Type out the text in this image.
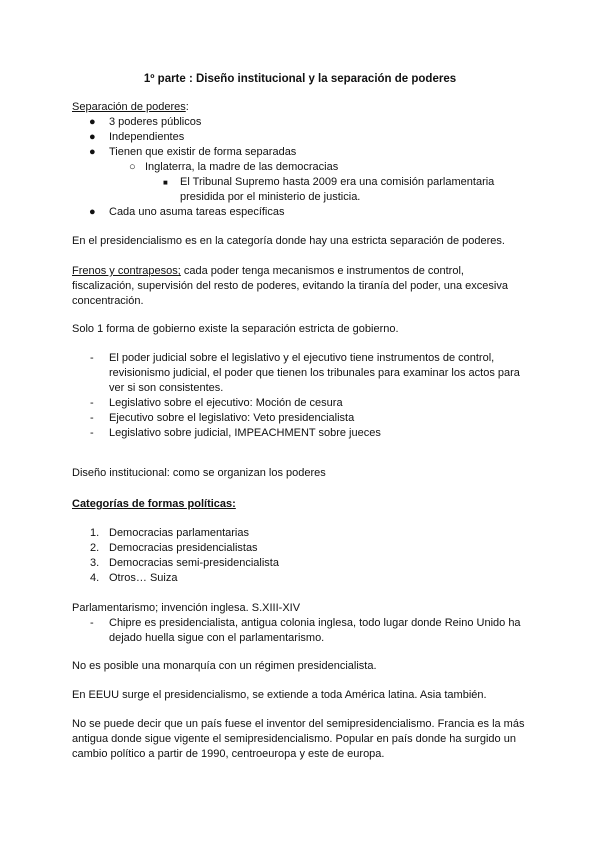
1º parte : Diseño institucional y la separación de poderes
Separación de poderes:
● 3 poderes públicos
● Independientes
● Tienen que existir de forma separadas
○ Inglaterra, la madre de las democracias
■ El Tribunal Supremo hasta 2009 era una comisión parlamentaria presidida por el ministerio de justicia.
● Cada uno asuma tareas específicas

En el presidencialismo es en la categoría donde hay una estricta separación de poderes.

Frenos y contrapesos; cada poder tenga mecanismos e instrumentos de control, fiscalización, supervisión del resto de poderes, evitando la tiranía del poder, una excesiva concentración.

Solo 1 forma de gobierno existe la separación estricta de gobierno.

- El poder judicial sobre el legislativo y el ejecutivo tiene instrumentos de control, revisionismo judicial, el poder que tienen los tribunales para examinar los actos para ver si son consistentes.
- Legislativo sobre el ejecutivo: Moción de cesura
- Ejecutivo sobre el legislativo: Veto presidencialista
- Legislativo sobre judicial, IMPEACHMENT sobre jueces

Diseño institucional: como se organizan los poderes

Categorías de formas políticas:

1. Democracias parlamentarias
2. Democracias presidencialistas
3. Democracias semi-presidencialista
4. Otros… Suiza

Parlamentarismo; invención inglesa. S.XIII-XIV

- Chipre es presidencialista, antigua colonia inglesa, todo lugar donde Reino Unido ha dejado huella sigue con el parlamentarismo.

No es posible una monarquía con un régimen presidencialista.

En EEUU surge el presidencialismo, se extiende a toda América latina. Asia también.

No se puede decir que un país fuese el inventor del semipresidencialismo. Francia es la más antigua donde sigue vigente el semipresidencialismo. Popular en país donde ha surgido un cambio político a partir de 1990, centroeuropa y este de europa.
